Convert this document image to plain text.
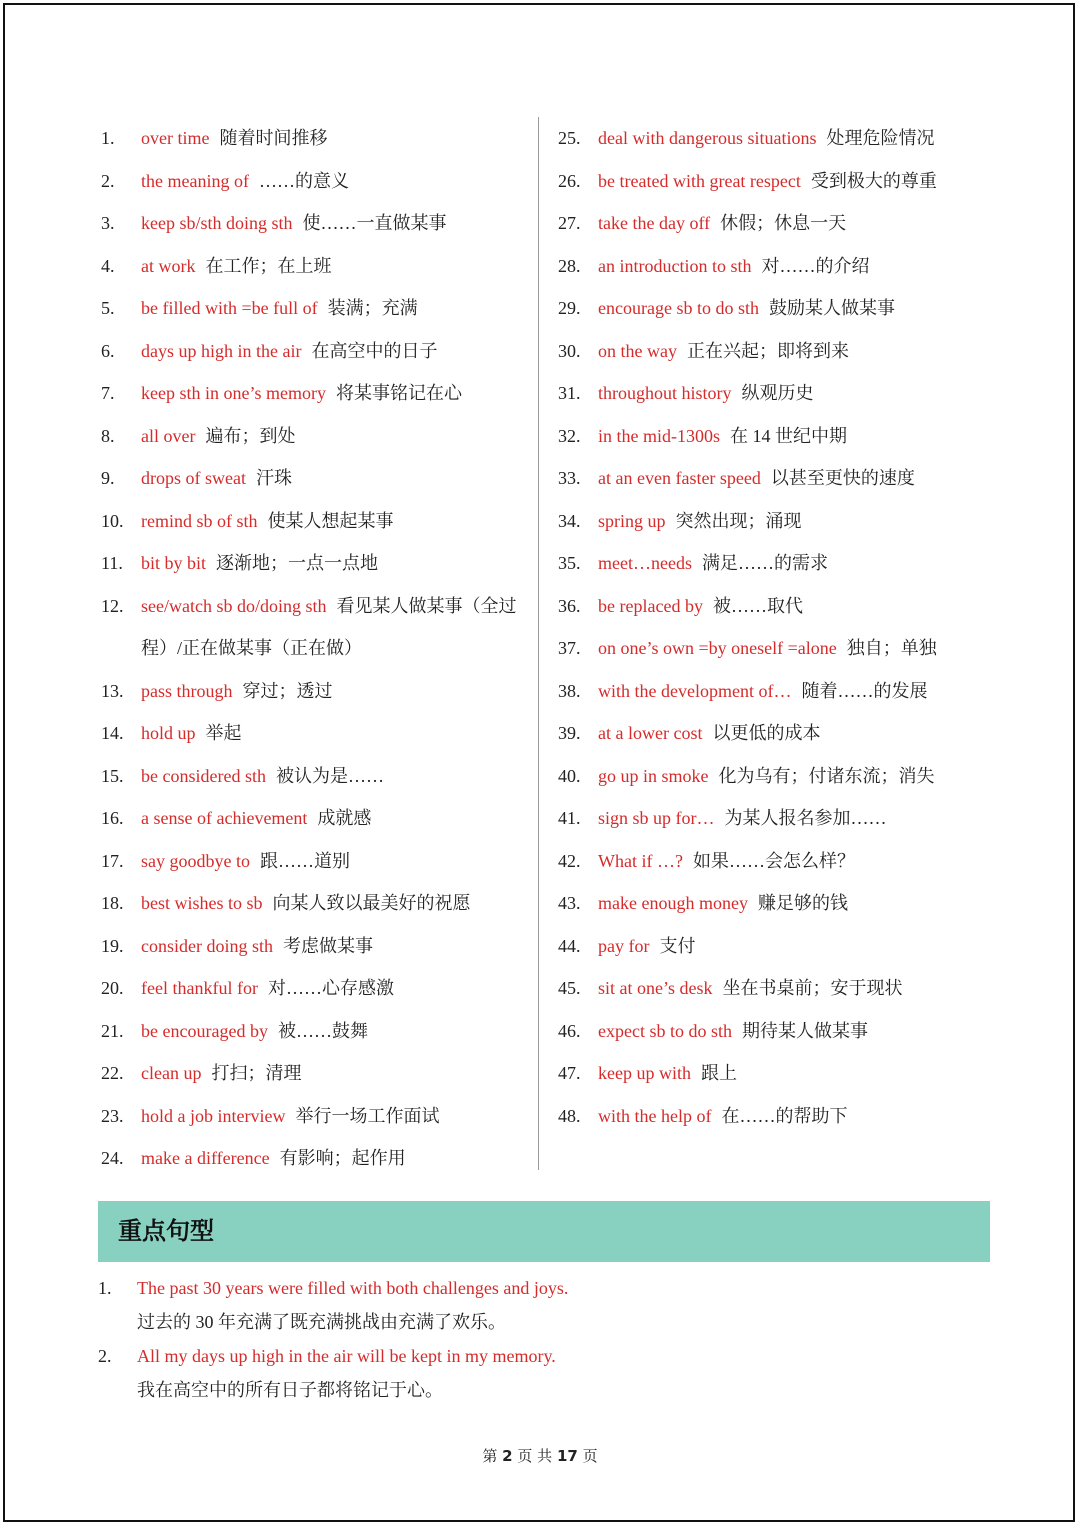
1.	over time 随着时间推移
2.	the meaning of ……的意义
3.	keep sb/sth doing sth 使……一直做某事
4.	at work 在工作；在上班
5.	be filled with =be full of 装满；充满
6.	days up high in the air 在高空中的日子
7.	keep sth in one’s memory 将某事铭记在心
8.	all over 遍布；到处
9.	drops of sweat 汗珠
10. remind sb of sth 使某人想起某事
11.	bit by bit 逐渐地；一点一点地
12. see/watch sb do/doing sth 看见某人做某事（全过程）/正在做某事（正在做）
13. pass through 穿过；透过
14. hold up 举起
15. be considered sth 被认为是……
16. a sense of achievement 成就感
17. say goodbye to 跟……道别
18. best wishes to sb 向某人致以最美好的祝愿
19. consider doing sth 考虑做某事
20. feel thankful for 对……心存感激
21. be encouraged by 被……鼓舞
22. clean up 打扫；清理
23. hold a job interview 举行一场工作面试
24. make a difference 有影响；起作用
25. deal with dangerous situations 处理危险情况
26. be treated with great respect 受到极大的尊重
27. take the day off 休假；休息一天
28. an introduction to sth 对……的介绍
29. encourage sb to do sth 鼓励某人做某事
30. on the way 正在兴起；即将到来
31. throughout history 纵观历史
32. in the mid-1300s 在 14 世纪中期
33. at an even faster speed 以甚至更快的速度
34. spring up 突然出现；涌现
35. meet…needs 满足……的需求
36. be replaced by 被……取代
37. on one’s own =by oneself =alone 独自；单独
38. with the development of… 随着……的发展
39. at a lower cost 以更低的成本
40. go up in smoke 化为乌有；付诸东流；消失
41. sign sb up for… 为某人报名参加……
42. What if …? 如果……会怎么样？
43. make enough money 赚足够的钱
44. pay for 支付
45. sit at one’s desk 坐在书桌前；安于现状
46. expect sb to do sth 期待某人做某事
47. keep up with 跟上
48. with the help of 在……的帮助下
重点句型
1.	The past 30 years were filled with both challenges and joys.
过去的 30 年充满了既充满挑战由充满了欢乐。
2.	All my days up high in the air will be kept in my memory.
我在高空中的所有日子都将铭记于心。
第 2 页 共 17 页
